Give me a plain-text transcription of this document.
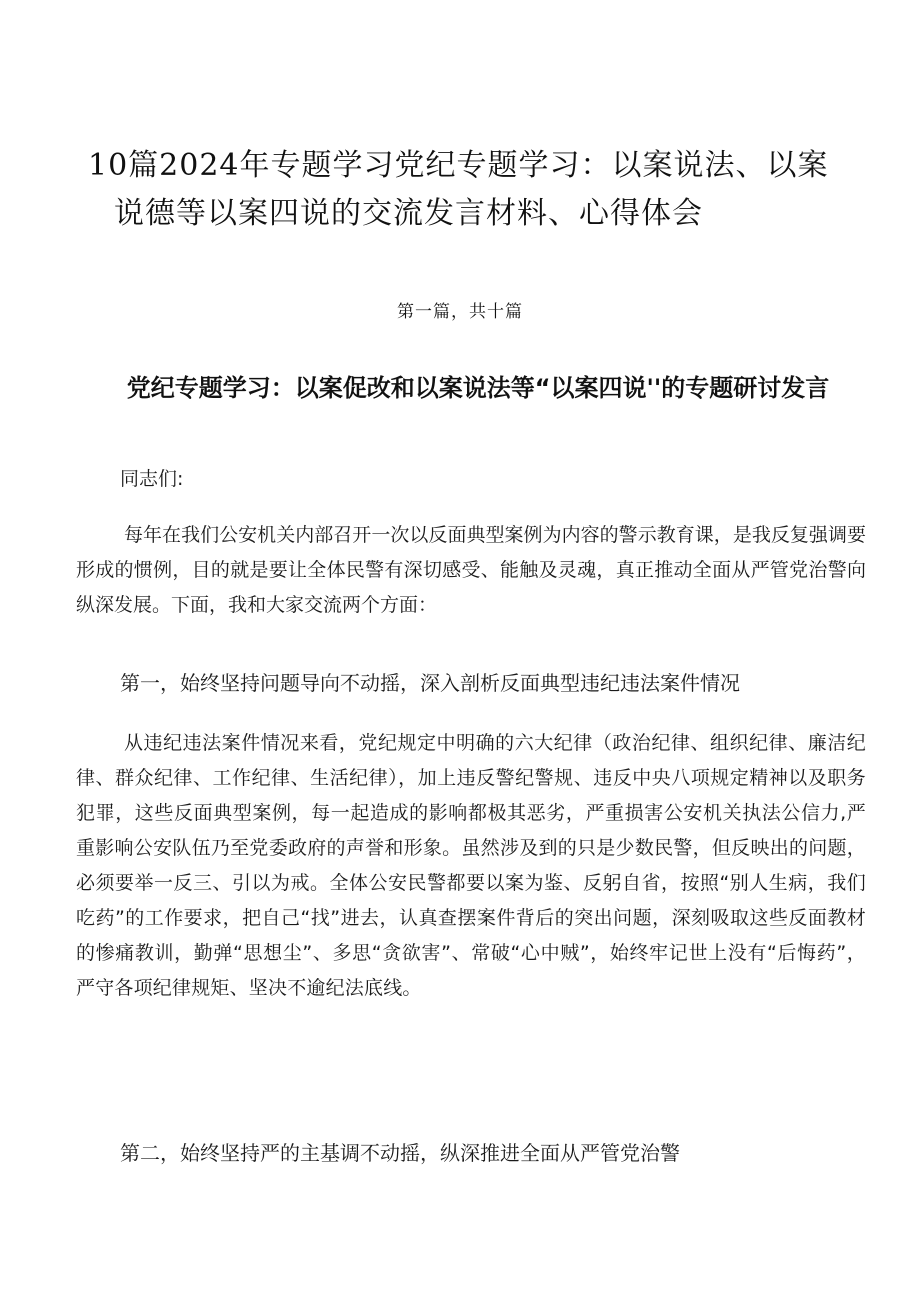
10篇2024年专题学习党纪专题学习：以案说法、以案
说德等以案四说的交流发言材料、心得体会
第一篇，共十篇
党纪专题学习：以案促改和以案说法等“以案四说''的专题研讨发言
同志们:

每年在我们公安机关内部召开一次以反面典型案例为内容的警示教育课，是我反复强调要形成的惯例，目的就是要让全体民警有深切感受、能触及灵魂，真正推动全面从严管党治警向纵深发展。下面，我和大家交流两个方面：

第一，始终坚持问题导向不动摇，深入剖析反面典型违纪违法案件情况

从违纪违法案件情况来看，党纪规定中明确的六大纪律（政治纪律、组织纪律、廉洁纪律、群众纪律、工作纪律、生活纪律），加上违反警纪警规、违反中央八项规定精神以及职务犯罪，这些反面典型案例，每一起造成的影响都极其恶劣，严重损害公安机关执法公信力,严重影响公安队伍乃至党委政府的声誉和形象。虽然涉及到的只是少数民警，但反映出的问题，必须要举一反三、引以为戒。全体公安民警都要以案为鉴、反躬自省，按照“别人生病，我们吃药”的工作要求，把自己“找”进去，认真查摆案件背后的突出问题，深刻吸取这些反面教材的惨痛教训，勤弹“思想尘”、多思“贪欲害”、常破“心中贼”，始终牢记世上没有“后悔药”，严守各项纪律规矩、坚决不逾纪法底线。

第二，始终坚持严的主基调不动摇，纵深推进全面从严管党治警
